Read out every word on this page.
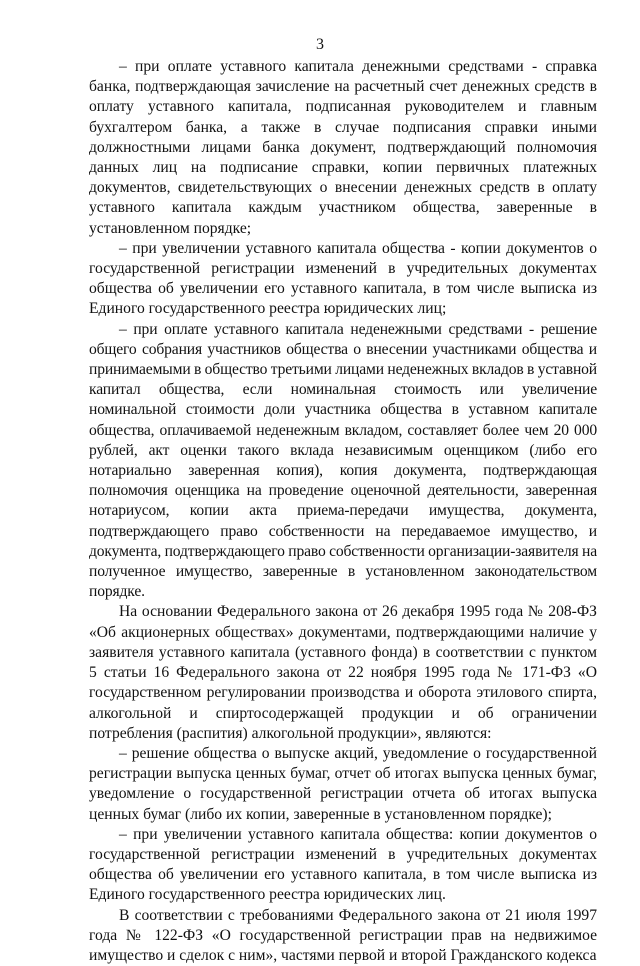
3

– при оплате уставного капитала денежными средствами - справка банка, подтверждающая зачисление на расчетный счет денежных средств в оплату уставного капитала, подписанная руководителем и главным бухгалтером банка, а также в случае подписания справки иными должностными лицами банка документ, подтверждающий полномочия данных лиц на подписание справки, копии первичных платежных документов, свидетельствующих о внесении денежных средств в оплату уставного капитала каждым участником общества, заверенные в установленном порядке;

– при увеличении уставного капитала общества - копии документов о государственной регистрации изменений в учредительных документах общества об увеличении его уставного капитала, в том числе выписка из Единого государственного реестра юридических лиц;

– при оплате уставного капитала неденежными средствами - решение общего собрания участников общества о внесении участниками общества и принимаемыми в общество третьими лицами неденежных вкладов в уставной капитал общества, если номинальная стоимость или увеличение номинальной стоимости доли участника общества в уставном капитале общества, оплачиваемой неденежным вкладом, составляет более чем 20 000 рублей, акт оценки такого вклада независимым оценщиком (либо его нотариально заверенная копия), копия документа, подтверждающая полномочия оценщика на проведение оценочной деятельности, заверенная нотариусом, копии акта приема-передачи имущества, документа, подтверждающего право собственности на передаваемое имущество, и документа, подтверждающего право собственности организации-заявителя на полученное имущество, заверенные в установленном законодательством порядке.

На основании Федерального закона от 26 декабря 1995 года № 208-ФЗ «Об акционерных обществах» документами, подтверждающими наличие у заявителя уставного капитала (уставного фонда) в соответствии с пунктом 5 статьи 16 Федерального закона от 22 ноября 1995 года № 171-ФЗ «О государственном регулировании производства и оборота этилового спирта, алкогольной и спиртосодержащей продукции и об ограничении потребления (распития) алкогольной продукции», являются:

– решение общества о выпуске акций, уведомление о государственной регистрации выпуска ценных бумаг, отчет об итогах выпуска ценных бумаг, уведомление о государственной регистрации отчета об итогах выпуска ценных бумаг (либо их копии, заверенные в установленном порядке);

– при увеличении уставного капитала общества: копии документов о государственной регистрации изменений в учредительных документах общества об увеличении его уставного капитала, в том числе выписка из Единого государственного реестра юридических лиц.

В соответствии с требованиями Федерального закона от 21 июля 1997 года № 122-ФЗ «О государственной регистрации прав на недвижимое имущество и сделок с ним», частями первой и второй Гражданского кодекса
